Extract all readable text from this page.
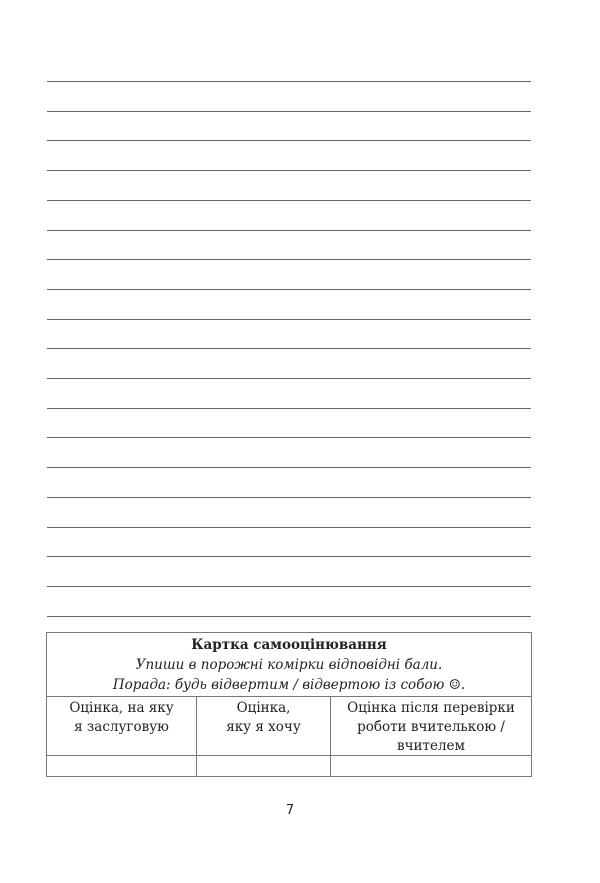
Картка самооцінювання
Упиши в порожні комірки відповідні бали.
Порада: будь відвертим / відвертою із собою ☺.
Оцінка, на яку
я заслуговую
Оцінка,
яку я хочу
Оцінка після перевірки
роботи вчителькою /
вчителем
7
